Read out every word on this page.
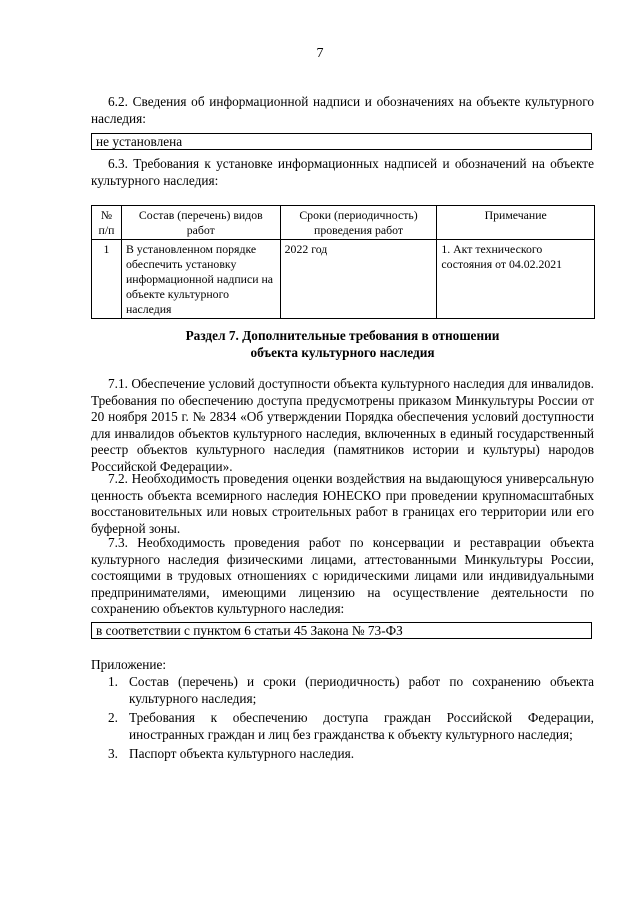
7

6.2. Сведения об информационной надписи и обозначениях на объекте культурного наследия:

не установлена

6.3. Требования к установке информационных надписей и обозначений на объекте культурного наследия:

№ п/п	Состав (перечень) видов работ	Сроки (периодичность) проведения работ	Примечание
1	В установленном порядке обеспечить установку информационной надписи на объекте культурного наследия	2022 год	1. Акт технического состояния от 04.02.2021
Раздел 7. Дополнительные требования в отношении
объекта культурного наследия

7.1. Обеспечение условий доступности объекта культурного наследия для инвалидов. Требования по обеспечению доступа предусмотрены приказом Минкультуры России от 20 ноября 2015 г. № 2834 «Об утверждении Порядка обеспечения условий доступности для инвалидов объектов культурного наследия, включенных в единый государственный реестр объектов культурного наследия (памятников истории и культуры) народов Российской Федерации».

7.2. Необходимость проведения оценки воздействия на выдающуюся универсальную ценность объекта всемирного наследия ЮНЕСКО при проведении крупномасштабных восстановительных или новых строительных работ в границах его территории или его буферной зоны.

7.3. Необходимость проведения работ по консервации и реставрации объекта культурного наследия физическими лицами, аттестованными Минкультуры России, состоящими в трудовых отношениях с юридическими лицами или индивидуальными предпринимателями, имеющими лицензию на осуществление деятельности по сохранению объектов культурного наследия:

в соответствии с пунктом 6 статьи 45 Закона № 73-ФЗ

Приложение:

1. Состав (перечень) и сроки (периодичность) работ по сохранению объекта культурного наследия;
2. Требования к обеспечению доступа граждан Российской Федерации, иностранных граждан и лиц без гражданства к объекту культурного наследия;
3. Паспорт объекта культурного наследия.
